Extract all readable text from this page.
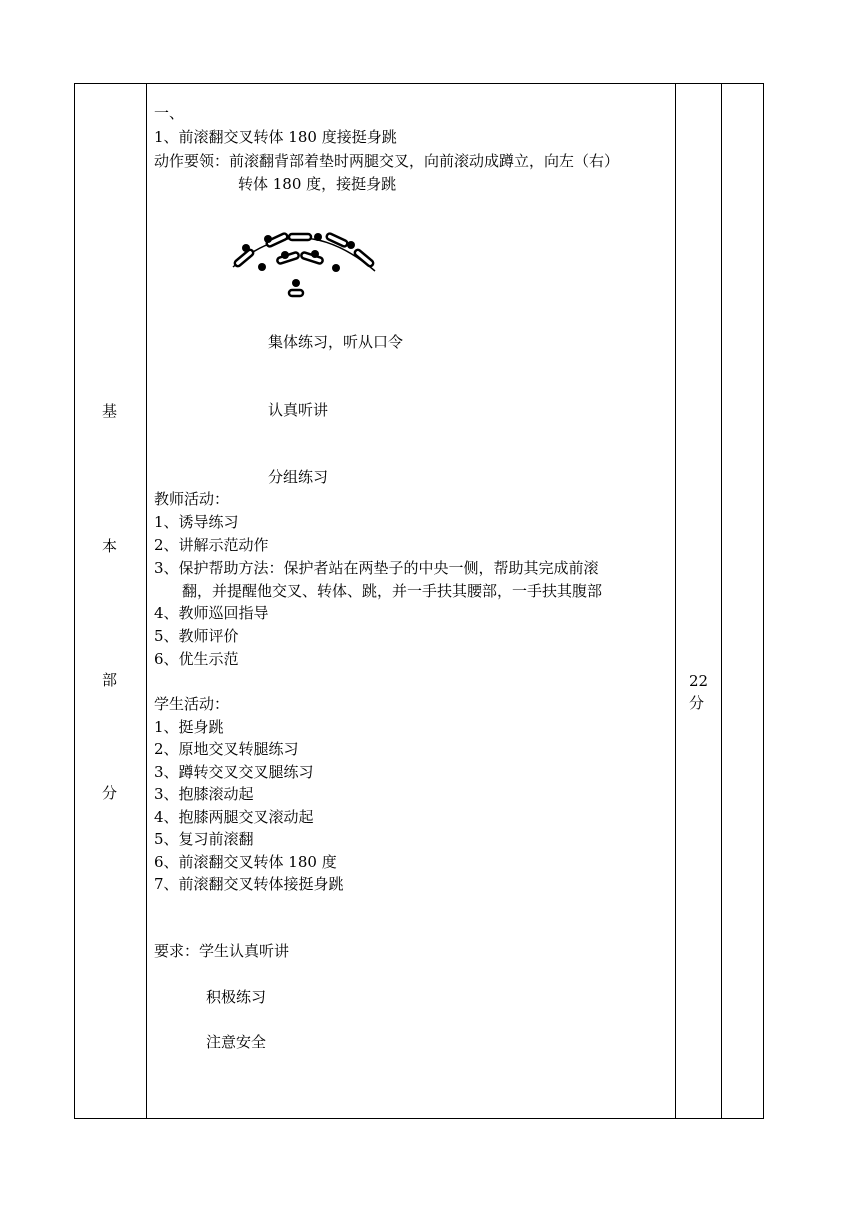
基
本
部
分
22
分
一、
1、前滚翻交叉转体 180 度接挺身跳
动作要领：前滚翻背部着垫时两腿交叉，向前滚动成蹲立，向左（右）
转体 180 度，接挺身跳
集体练习，听从口令
认真听讲
分组练习
教师活动：
1、诱导练习
2、讲解示范动作
3、保护帮助方法：保护者站在两垫子的中央一侧，帮助其完成前滚
翻，并提醒他交叉、转体、跳，并一手扶其腰部，一手扶其腹部
4、教师巡回指导
5、教师评价
6、优生示范
学生活动：
1、挺身跳
2、原地交叉转腿练习
3、蹲转交叉交叉腿练习
3、抱膝滚动起
4、抱膝两腿交叉滚动起
5、复习前滚翻
6、前滚翻交叉转体 180 度
7、前滚翻交叉转体接挺身跳
要求：学生认真听讲
积极练习
注意安全
